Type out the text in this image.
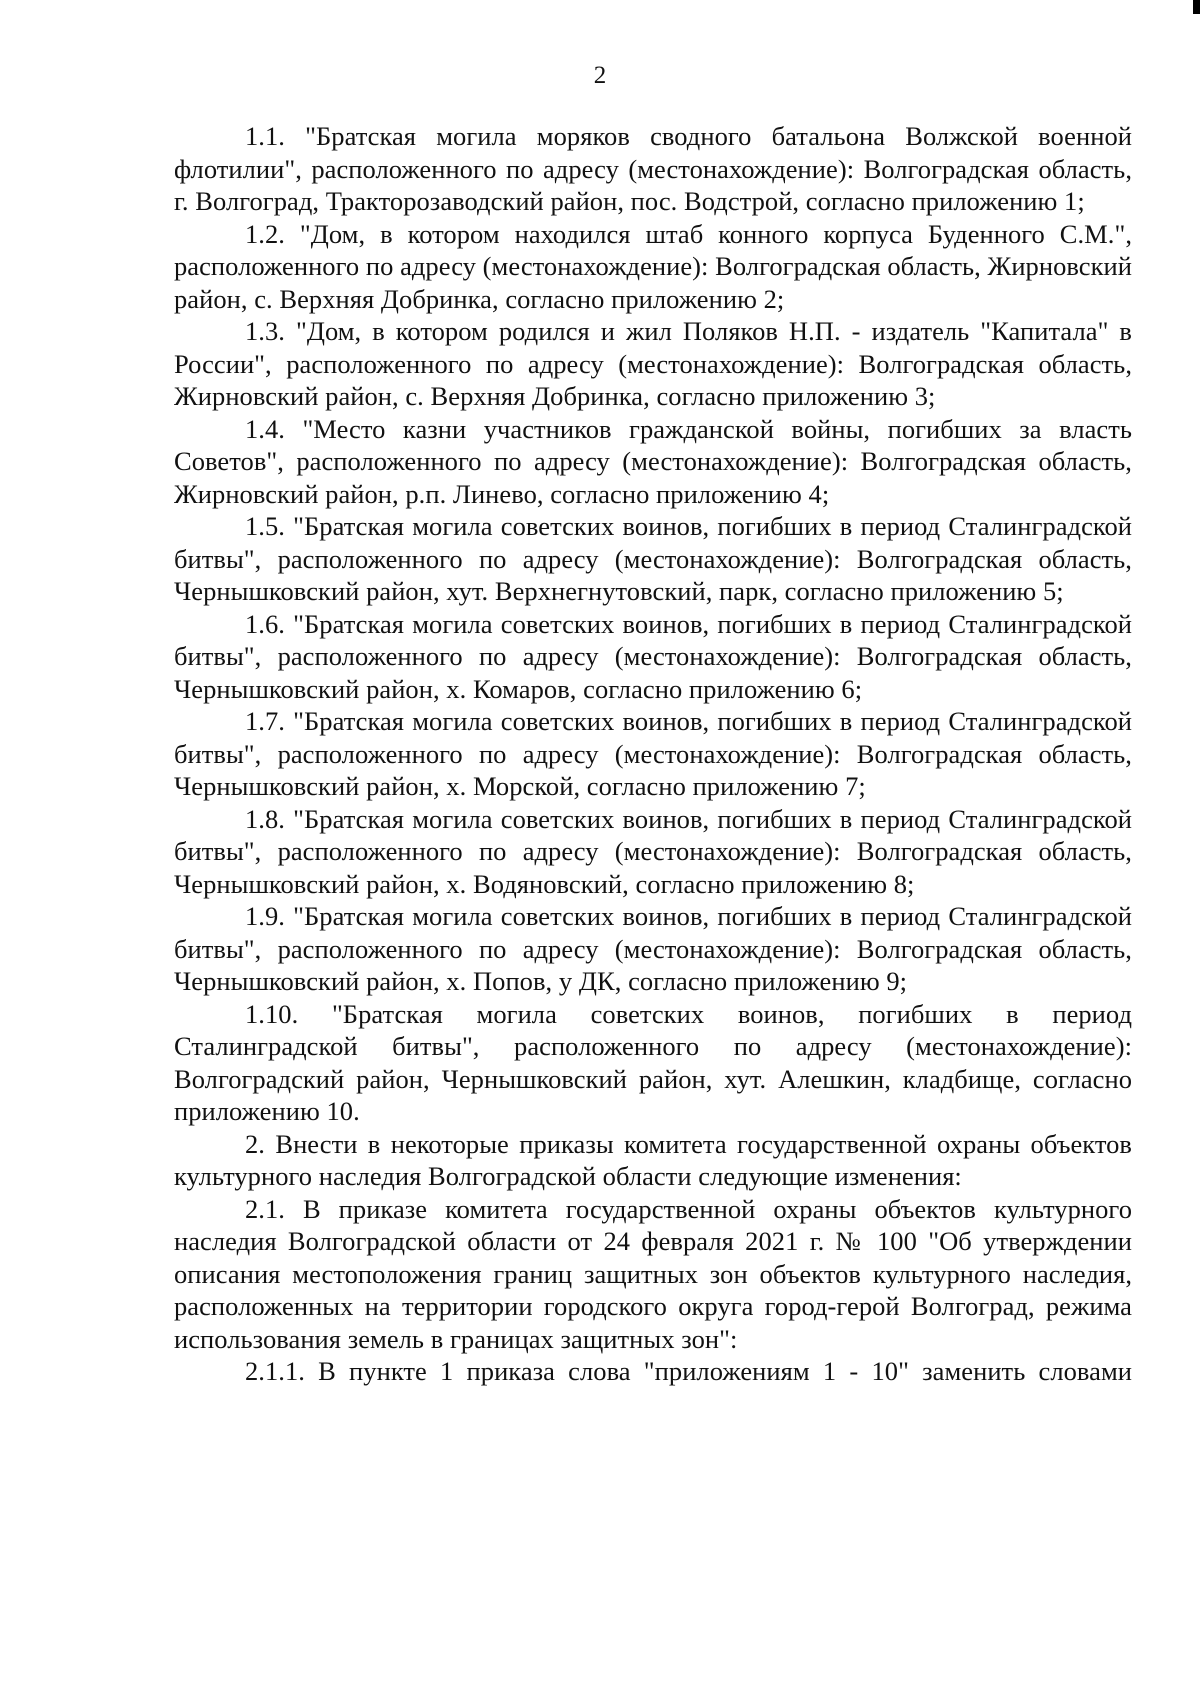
2

1.1. "Братская могила моряков сводного батальона Волжской военной флотилии", расположенного по адресу (местонахождение): Волгоградская область, г. Волгоград, Тракторозаводский район, пос. Водстрой, согласно приложению 1;

1.2. "Дом, в котором находился штаб конного корпуса Буденного С.М.", расположенного по адресу (местонахождение): Волгоградская область, Жирновский район, с. Верхняя Добринка, согласно приложению 2;

1.3. "Дом, в котором родился и жил Поляков Н.П. - издатель "Капитала" в России", расположенного по адресу (местонахождение): Волгоградская область, Жирновский район, с. Верхняя Добринка, согласно приложению 3;

1.4. "Место казни участников гражданской войны, погибших за власть Советов", расположенного по адресу (местонахождение): Волгоградская область, Жирновский район, р.п. Линево, согласно приложению 4;

1.5. "Братская могила советских воинов, погибших в период Сталинградской битвы", расположенного по адресу (местонахождение): Волгоградская область, Чернышковский район, хут. Верхнегнутовский, парк, согласно приложению 5;

1.6. "Братская могила советских воинов, погибших в период Сталинградской битвы", расположенного по адресу (местонахождение): Волгоградская область, Чернышковский район, х. Комаров, согласно приложению 6;

1.7. "Братская могила советских воинов, погибших в период Сталинградской битвы", расположенного по адресу (местонахождение): Волгоградская область, Чернышковский район, х. Морской, согласно приложению 7;

1.8. "Братская могила советских воинов, погибших в период Сталинградской битвы", расположенного по адресу (местонахождение): Волгоградская область, Чернышковский район, х. Водяновский, согласно приложению 8;

1.9. "Братская могила советских воинов, погибших в период Сталинградской битвы", расположенного по адресу (местонахождение): Волгоградская область, Чернышковский район, х. Попов, у ДК, согласно приложению 9;

1.10. "Братская могила советских воинов, погибших в период Сталинградской битвы", расположенного по адресу (местонахождение): Волгоградский район, Чернышковский район, хут. Алешкин, кладбище, согласно приложению 10.

2. Внести в некоторые приказы комитета государственной охраны объектов культурного наследия Волгоградской области следующие изменения:

2.1. В приказе комитета государственной охраны объектов культурного наследия Волгоградской области от 24 февраля 2021 г. № 100 "Об утверждении описания местоположения границ защитных зон объектов культурного наследия, расположенных на территории городского округа город-герой Волгоград, режима использования земель в границах защитных зон":

2.1.1. В пункте 1 приказа слова "приложениям 1 - 10" заменить словами
